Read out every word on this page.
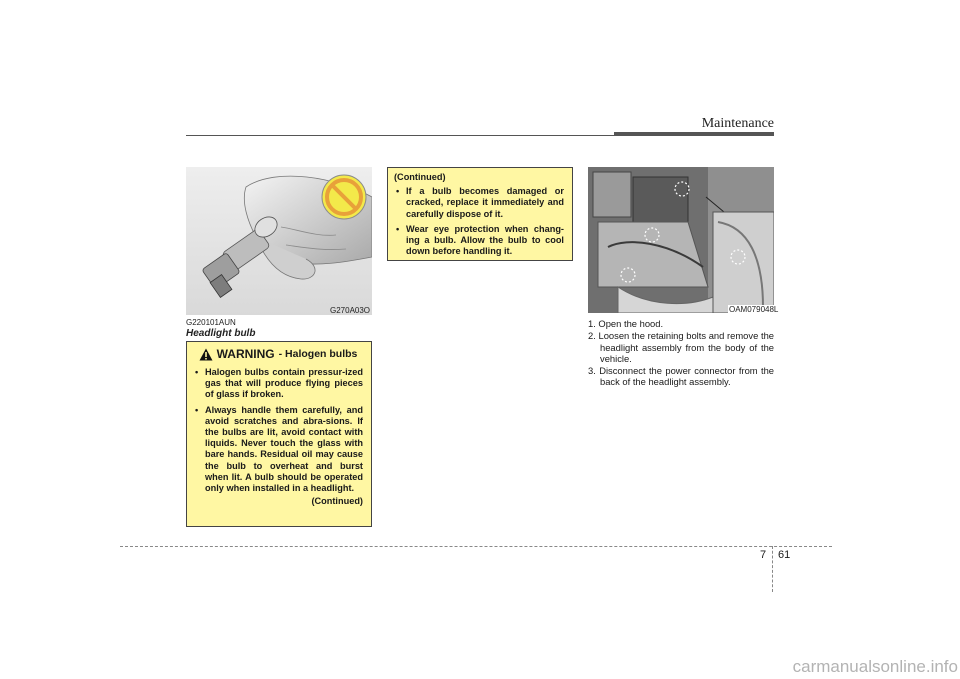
Maintenance
G270A03O
G220101AUN
Headlight bulb
WARNING - Halogen bulbs
• Halogen bulbs contain pressur-ized gas that will produce flying pieces of glass if broken.
• Always handle them carefully, and avoid scratches and abra-sions. If the bulbs are lit, avoid contact with liquids. Never touch the glass with bare hands. Residual oil may cause the bulb to overheat and burst when lit. A bulb should be operated only when installed in a headlight.
(Continued)
(Continued)
• If a bulb becomes damaged or cracked, replace it immediately and carefully dispose of it.
• Wear eye protection when chang-ing a bulb. Allow the bulb to cool down before handling it.
OAM079048L
1. Open the hood.
2. Loosen the retaining bolts and remove the headlight assembly from the body of the vehicle.
3. Disconnect the power connector from the back of the headlight assembly.
7 61
carmanualsonline.info
